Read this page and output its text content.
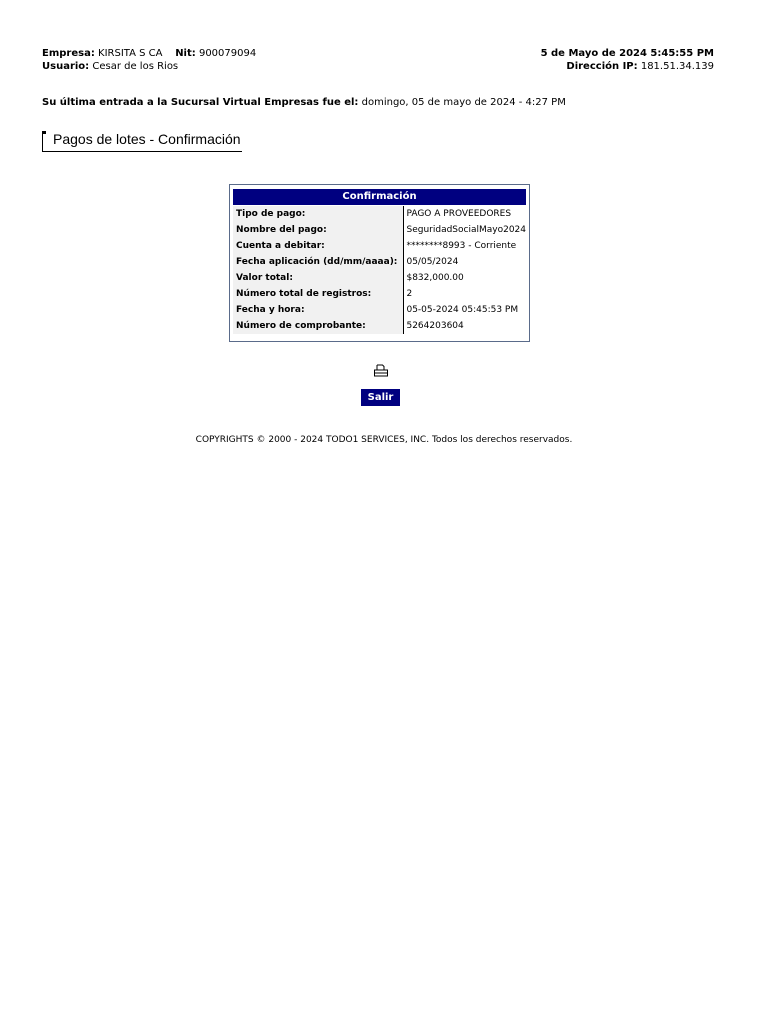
Empresa: KIRSITA S CA Nit: 900079094
Usuario: Cesar de los Rios
5 de Mayo de 2024 5:45:55 PM
Dirección IP: 181.51.34.139
Su última entrada a la Sucursal Virtual Empresas fue el: domingo, 05 de mayo de 2024 - 4:27 PM
Pagos de lotes - Confirmación
Confirmación
Tipo de pago:	PAGO A PROVEEDORES
Nombre del pago:	SeguridadSocialMayo2024
Cuenta a debitar:	********8993 - Corriente
Fecha aplicación (dd/mm/aaaa):	05/05/2024
Valor total:	$832,000.00
Número total de registros:	2
Fecha y hora:	05-05-2024 05:45:53 PM
Número de comprobante:	5264203604
Salir
COPYRIGHTS © 2000 - 2024 TODO1 SERVICES, INC. Todos los derechos reservados.
